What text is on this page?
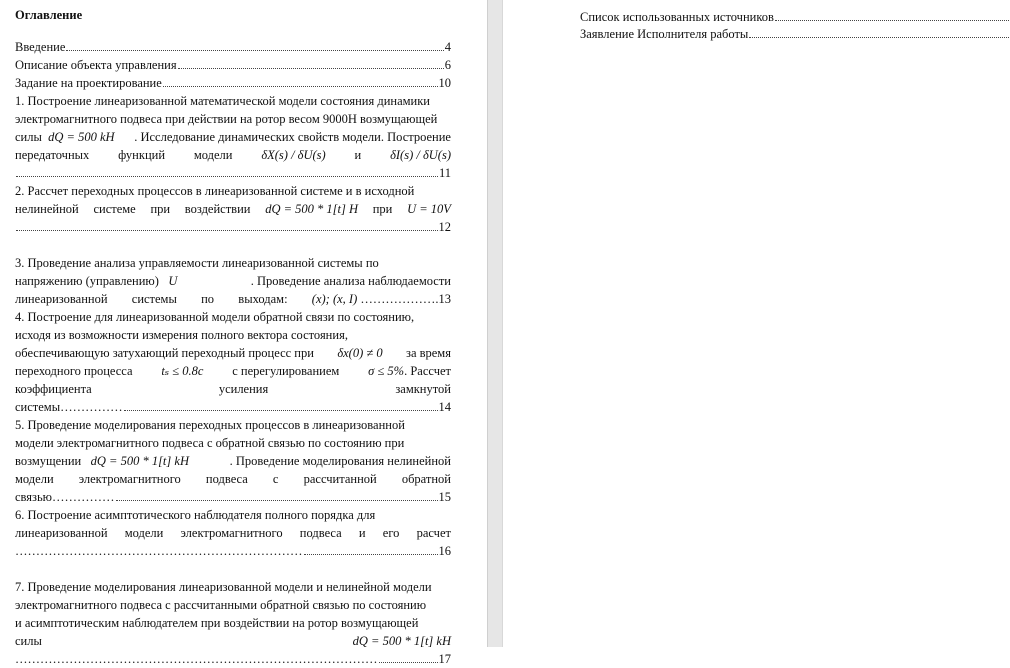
Оглавление
Введение	4
Описание объекта управления	6
Задание на проектирование	10
1. Построение линеаризованной математической модели состояния динамики
электромагнитного подвеса при действии на ротор весом 9000Н возмущающей
силы dQ = 500 kH . Исследование динамических свойств модели. Построение
передаточных функций модели δX(s) / δU(s) и δI(s) / δU(s)
11
2. Рассчет переходных процессов в линеаризованной системе и в исходной
нелинейной системе при воздействии dQ = 500 * 1[t] H при U = 10V
12
3. Проведение анализа управляемости линеаризованной системы по
напряжению (управлению) U	. Проведение анализа наблюдаемости
линеаризованной системы по выходам: (x); (x, I) ……………….13
4. Построение для линеаризованной модели обратной связи по состоянию,
исходя из возможности измерения полного вектора состояния,
обеспечивающую затухающий переходный процесс при δx(0) ≠ 0 за время
переходного процесса tₛ ≤ 0.8c с перегулированием σ ≤ 5%. Рассчет
коэффициента	усиления	замкнутой
системы……………	14
5. Проведение моделирования переходных процессов в линеаризованной
модели электромагнитного подвеса с обратной связью по состоянию при
возмущении dQ = 500 * 1[t] kH	. Проведение моделирования нелинейной
модели электромагнитного подвеса с рассчитанной обратной
связью……………	15
6. Построение асимптотического наблюдателя полного порядка для
линеаризованной модели электромагнитного подвеса и его расчет
……………………………………………………………	16
7. Проведение моделирования линеаризованной модели и нелинейной модели
электромагнитного подвеса с рассчитанными обратной связью по состоянию
и асимптотическим наблюдателем при воздействии на ротор возмущающей
силы	dQ = 500 * 1[t] kH
……………………………………………………………………………	17
Список использованных источников
Заявление Исполнителя работы
